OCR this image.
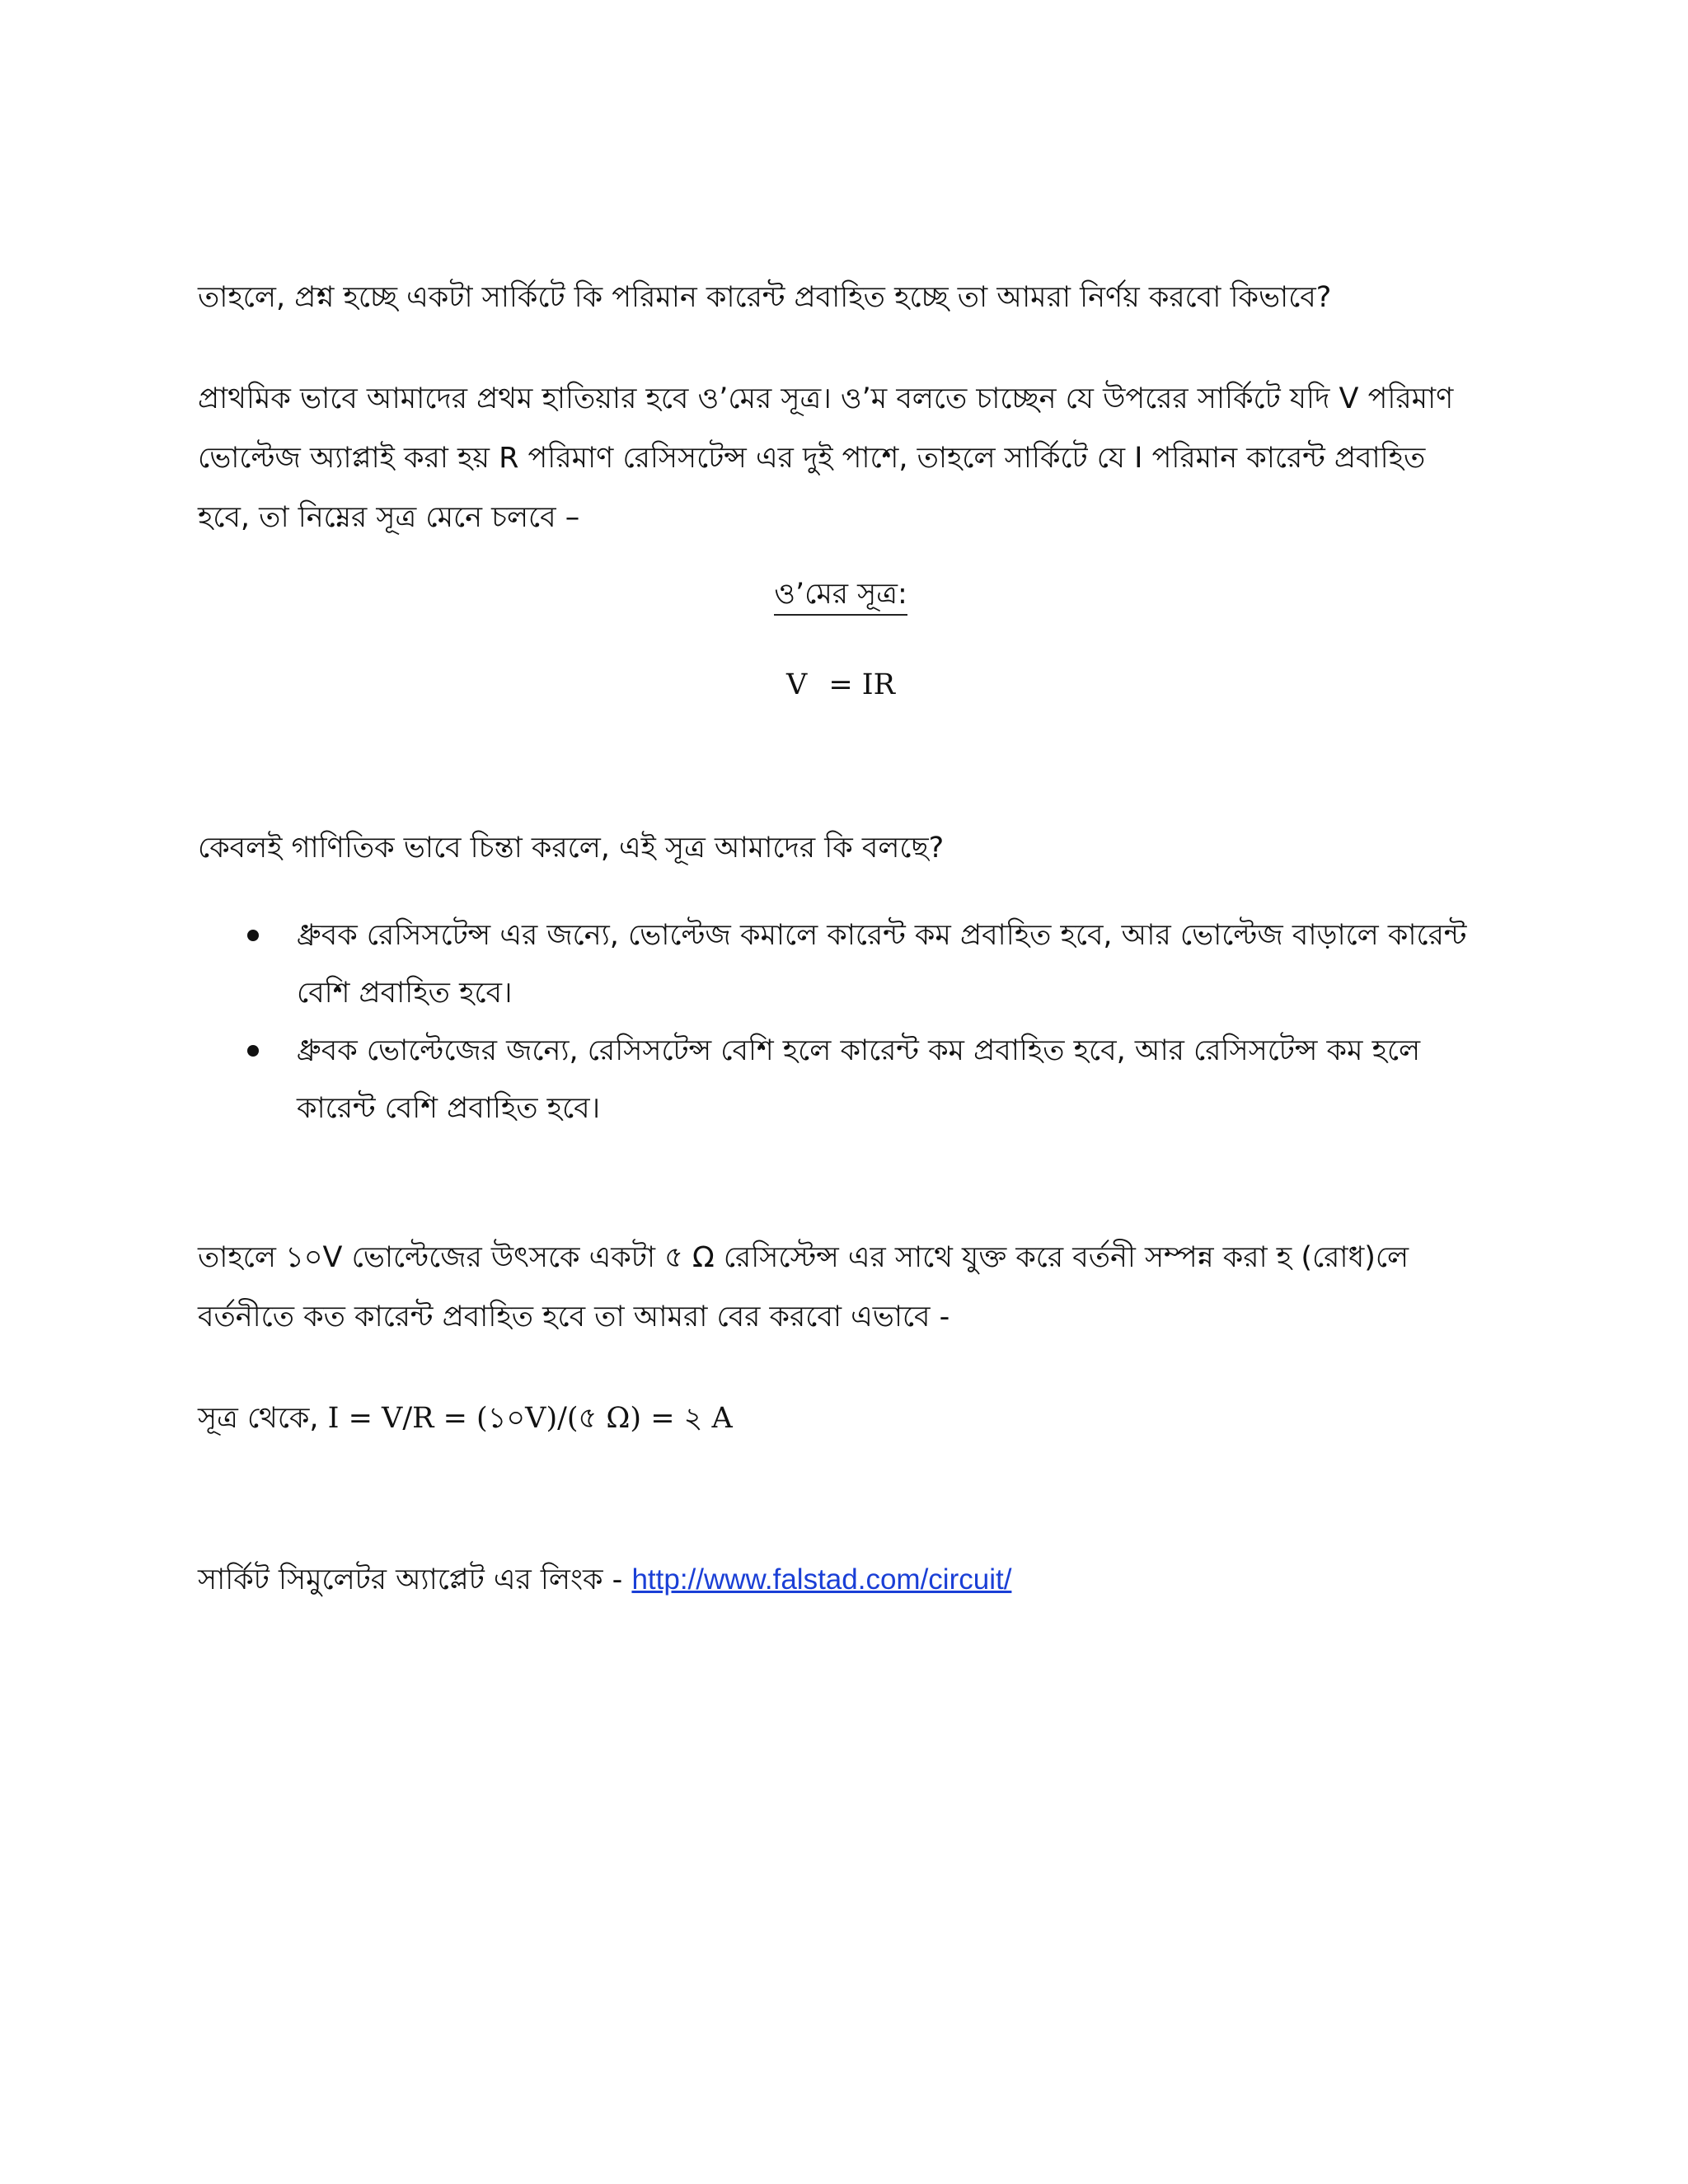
তাহলে, প্রশ্ন হচ্ছে একটা সার্কিটে কি পরিমান কারেন্ট প্রবাহিত হচ্ছে তা আমরা নির্ণয় করবো কিভাবে?

প্রাথমিক ভাবে আমাদের প্রথম হাতিয়ার হবে ও’মের সূত্র। ও’ম বলতে চাচ্ছেন যে উপরের সার্কিটে যদি V পরিমাণ ভোল্টেজ অ্যাপ্লাই করা হয় R পরিমাণ রেসিসটেন্স এর দুই পাশে, তাহলে সার্কিটে যে I পরিমান কারেন্ট প্রবাহিত হবে, তা নিম্নের সূত্র মেনে চলবে –

ও’মের সূত্র:
V = IR

কেবলই গাণিতিক ভাবে চিন্তা করলে, এই সূত্র আমাদের কি বলছে?

ধ্রুবক রেসিসটেন্স এর জন্যে, ভোল্টেজ কমালে কারেন্ট কম প্রবাহিত হবে, আর ভোল্টেজ বাড়ালে কারেন্ট বেশি প্রবাহিত হবে।
ধ্রুবক ভোল্টেজের জন্যে, রেসিসটেন্স বেশি হলে কারেন্ট কম প্রবাহিত হবে, আর রেসিসটেন্স কম হলে কারেন্ট বেশি প্রবাহিত হবে।

তাহলে ১০V ভোল্টেজের উৎসকে একটা ৫ Ω রেসিস্টেন্স এর সাথে যুক্ত করে বর্তনী সম্পন্ন করা হ (রোধ)লে বর্তনীতে কত কারেন্ট প্রবাহিত হবে তা আমরা বের করবো এভাবে -

সূত্র থেকে, I = V/R = (১০V)/(৫ Ω) = ২ A

সার্কিট সিমুলেটর অ্যাপ্লেট এর লিংক - http://www.falstad.com/circuit/
